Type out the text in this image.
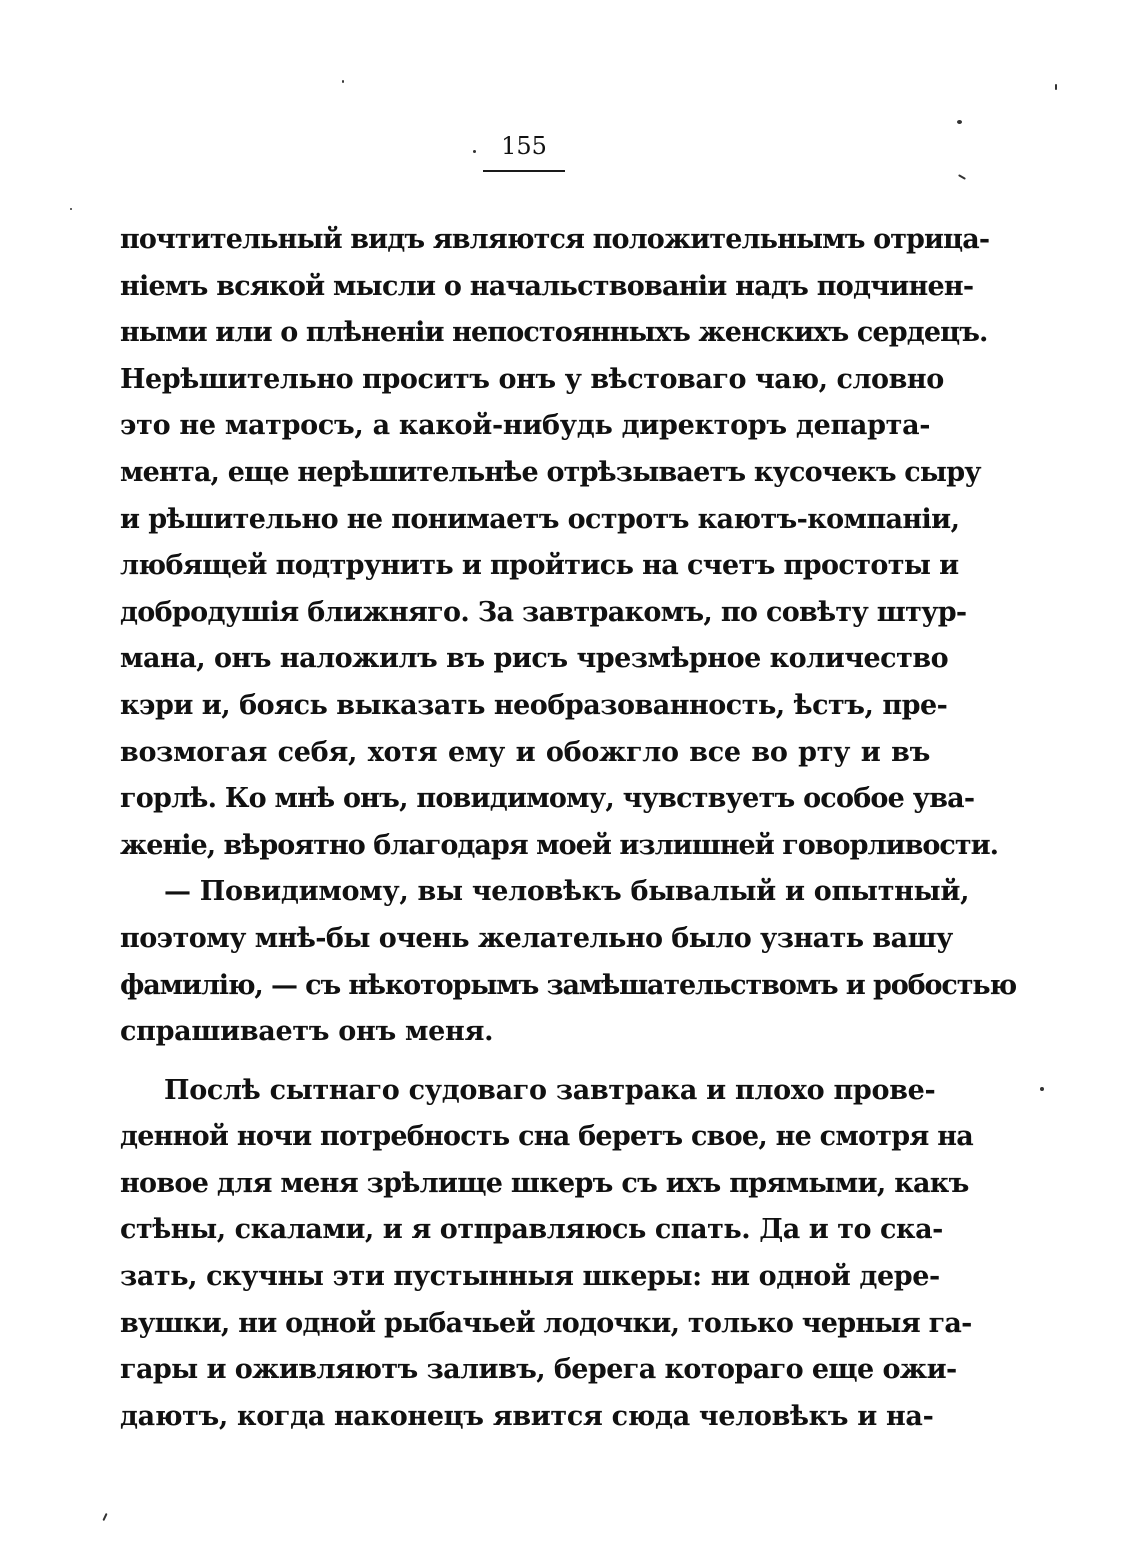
155
почтительный видъ являются положительнымъ отрица-
ніемъ всякой мысли о начальствованіи надъ подчинен-
ными или о плѣненіи непостоянныхъ женскихъ сердецъ.
Нерѣшительно проситъ онъ у вѣстоваго чаю, словно
это не матросъ, а какой-нибудь директоръ департа-
мента, еще нерѣшительнѣе отрѣзываетъ кусочекъ сыру
и рѣшительно не понимаетъ остротъ каютъ-компаніи,
любящей подтрунить и пройтись на счетъ простоты и
добродушія ближняго. За завтракомъ, по совѣту штур-
мана, онъ наложилъ въ рисъ чрезмѣрное количество
кэри и, боясь выказать необразованность, ѣстъ, пре-
возмогая себя, хотя ему и обожгло все во рту и въ
горлѣ. Ко мнѣ онъ, повидимому, чувствуетъ особое ува-
женіе, вѣроятно благодаря моей излишней говорливости.
— Повидимому, вы человѣкъ бывалый и опытный,
поэтому мнѣ-бы очень желательно было узнать вашу
фамилію, — съ нѣкоторымъ замѣшательствомъ и робостью
спрашиваетъ онъ меня.
Послѣ сытнаго судоваго завтрака и плохо прове-
денной ночи потребность сна беретъ свое, не смотря на
новое для меня зрѣлище шкеръ съ ихъ прямыми, какъ
стѣны, скалами, и я отправляюсь спать. Да и то ска-
зать, скучны эти пустынныя шкеры: ни одной дере-
вушки, ни одной рыбачьей лодочки, только черныя га-
гары и оживляютъ заливъ, берега котораго еще ожи-
даютъ, когда наконецъ явится сюда человѣкъ и на-
